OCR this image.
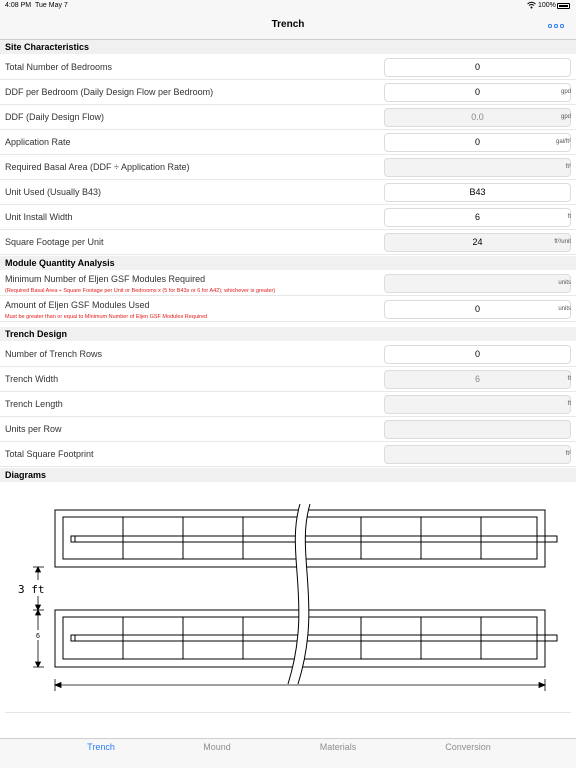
4:08 PM Tue May 7	100%
Trench
Site Characteristics
Total Number of Bedrooms	0
DDF per Bedroom (Daily Design Flow per Bedroom)	0	gpd
DDF (Daily Design Flow)	0.0	gpd
Application Rate	0	gal/ft²
Required Basal Area (DDF ÷ Application Rate)	ft²
Unit Used (Usually B43)	B43
Unit Install Width	6	ft
Square Footage per Unit	24	ft²/unit
Module Quantity Analysis
Minimum Number of Eljen GSF Modules Required
(Required Basal Area ÷ Square Footage per Unit or Bedrooms x (5 for B43s or 6 for A42); whichever is greater)
units
Amount of Eljen GSF Modules Used
Must be greater than or equal to Minimum Number of Eljen GSF Modules Required
0	units
Trench Design
Number of Trench Rows	0
Trench Width	6	ft
Trench Length	ft
Units per Row
Total Square Footprint	ft²
Diagrams
3 ft
6
Trench	Mound	Materials	Conversion
